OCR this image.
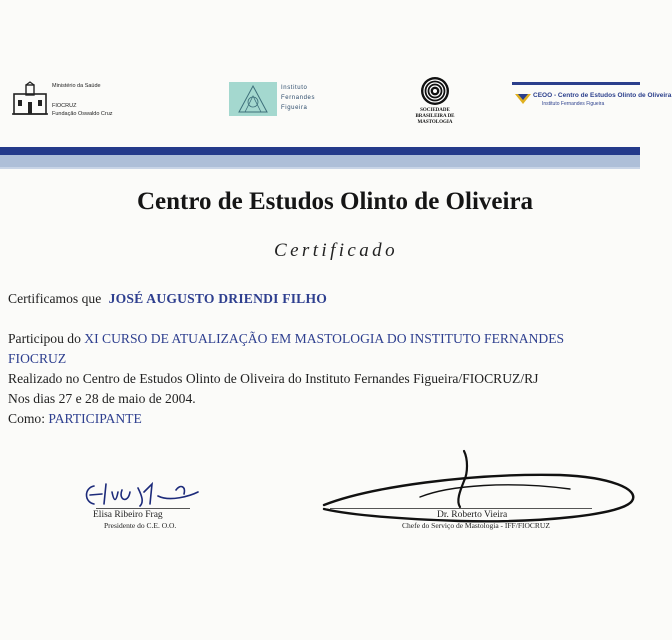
Ministério da Saúde
FIOCRUZ
Fundação Oswaldo Cruz
Instituto
Fernandes
Figueira	SOCIEDADE
BRASILEIRA DE
MASTOLOGIA
CEOO - Centro de Estudos Olinto de Oliveira
Instituto Fernandes Figueira
Centro de Estudos Olinto de Oliveira
Certificado
Certificamos que JOSÉ AUGUSTO DRIENDI FILHO
Participou do XI CURSO DE ATUALIZAÇÃO EM MASTOLOGIA DO INSTITUTO FERNANDES
FIOCRUZ
Realizado no Centro de Estudos Olinto de Oliveira do Instituto Fernandes Figueira/FIOCRUZ/RJ
Nos dias 27 e 28 de maio de 2004.
Como: PARTICIPANTE
Elisa Ribeiro Frag
Presidente do C.E. O.O.
Dr. Roberto Vieira
Chefe do Serviço de Mastologia - IFF/FIOCRUZ
